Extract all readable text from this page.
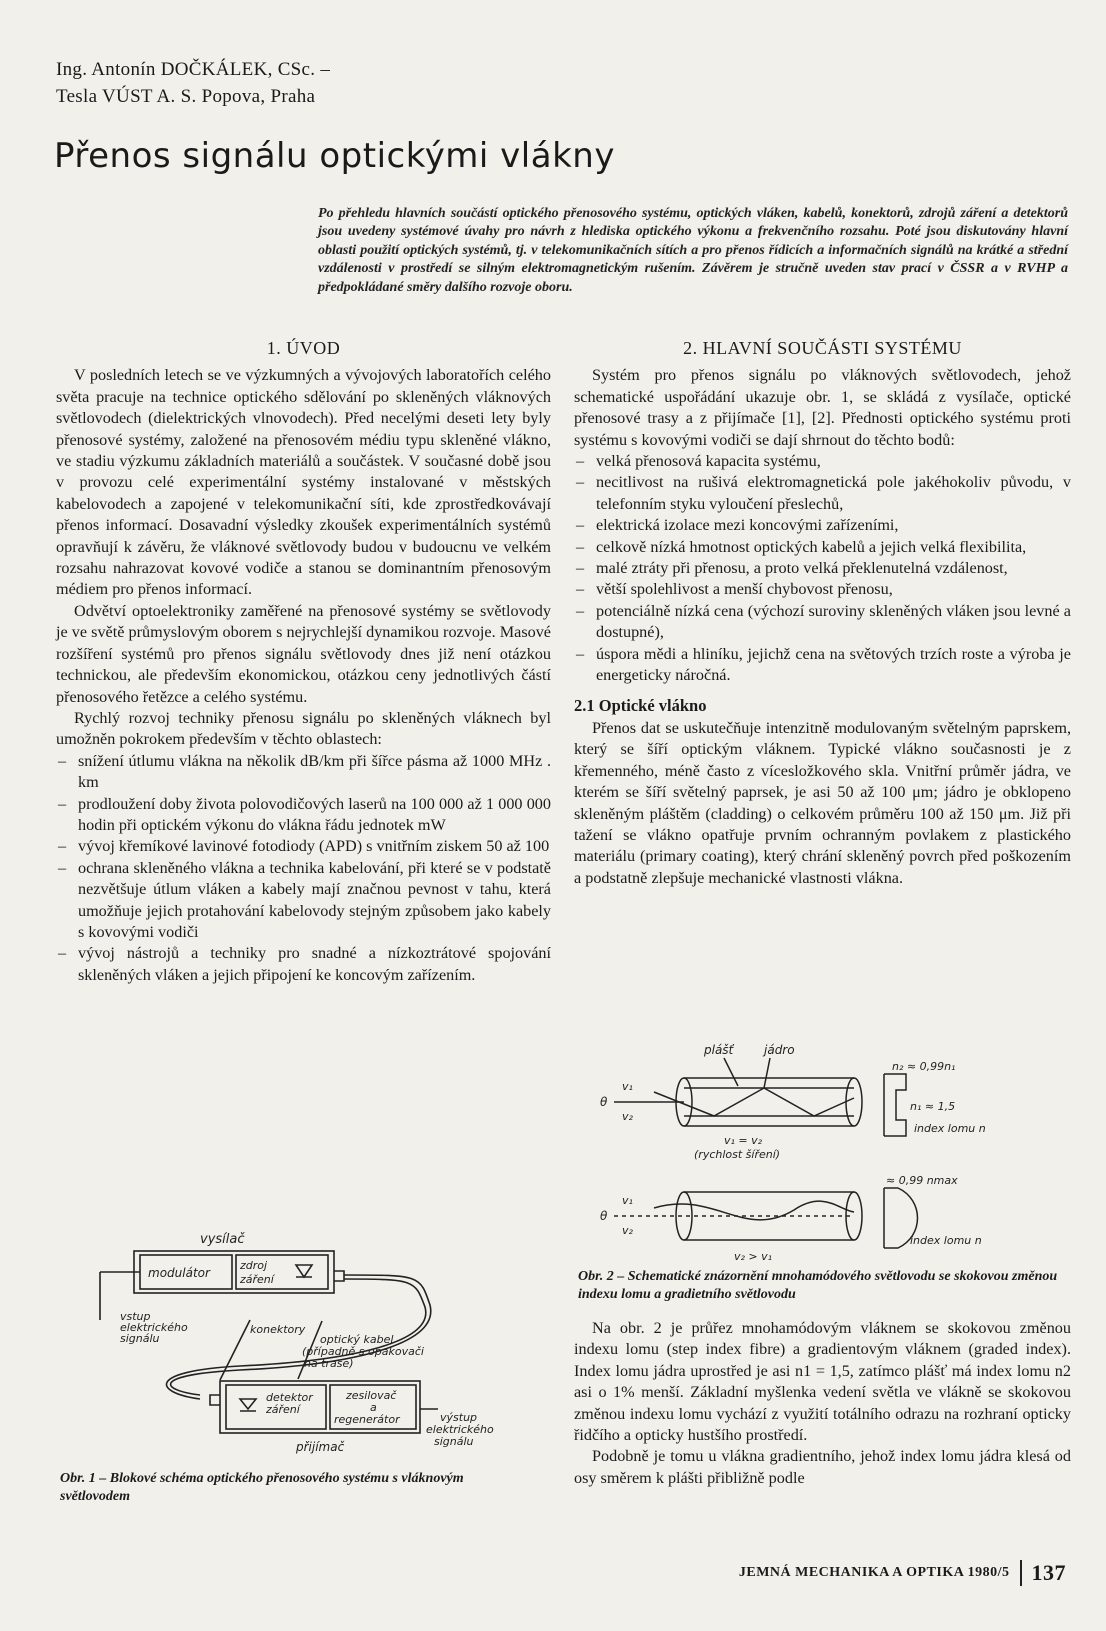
Ing. Antonín DOČKÁLEK, CSc. –
Tesla VÚST A. S. Popova, Praha
Přenos signálu optickými vlákny
Po přehledu hlavních součástí optického přenosového systému, optických vláken, kabelů, konektorů, zdrojů záření a detektorů jsou uvedeny systémové úvahy pro návrh z hlediska optického výkonu a frekvenčního rozsahu. Poté jsou diskutovány hlavní oblasti použití optických systémů, tj. v telekomunikačních sítích a pro přenos řídicích a informačních signálů na krátké a střední vzdálenosti v prostředí se silným elektromagnetickým rušením. Závěrem je stručně uveden stav prací v ČSSR a v RVHP a předpokládané směry dalšího rozvoje oboru.
1. ÚVOD

V posledních letech se ve výzkumných a vývojových laboratořích celého světa pracuje na technice optického sdělování po skleněných vláknových světlovodech (dielektrických vlnovodech). Před necelými deseti lety byly přenosové systémy, založené na přenosovém médiu typu skleněné vlákno, ve stadiu výzkumu základních materiálů a součástek. V současné době jsou v provozu celé experimentální systémy instalované v městských kabelovodech a zapojené v telekomunikační síti, kde zprostředkovávají přenos informací. Dosavadní výsledky zkoušek experimentálních systémů opravňují k závěru, že vláknové světlovody budou v budoucnu ve velkém rozsahu nahrazovat kovové vodiče a stanou se dominantním přenosovým médiem pro přenos informací.

Odvětví optoelektroniky zaměřené na přenosové systémy se světlovody je ve světě průmyslovým oborem s nejrychlejší dynamikou rozvoje. Masové rozšíření systémů pro přenos signálu světlovody dnes již není otázkou technickou, ale především ekonomickou, otázkou ceny jednotlivých částí přenosového řetězce a celého systému.

Rychlý rozvoj techniky přenosu signálu po skleněných vláknech byl umožněn pokrokem především v těchto oblastech:

– snížení útlumu vlákna na několik dB/km při šířce pásma až 1000 MHz . km
– prodloužení doby života polovodičových laserů na 100 000 až 1 000 000 hodin při optickém výkonu do vlákna řádu jednotek mW
– vývoj křemíkové lavinové fotodiody (APD) s vnitřním ziskem 50 až 100
– ochrana skleněného vlákna a technika kabelování, při které se v podstatě nezvětšuje útlum vláken a kabely mají značnou pevnost v tahu, která umožňuje jejich protahování kabelovody stejným způsobem jako kabely s kovovými vodiči
– vývoj nástrojů a techniky pro snadné a nízkoztrátové spojování skleněných vláken a jejich připojení ke koncovým zařízením.
vysílač
modulátor
zdroj
záření
vstup
elektrického
signálu
konektory
optický kabel
(případně s opakovači
na trase)
detektor
záření
zesilovač
a
regenerátor	výstup
elektrického
signálu
přijímač
Obr. 1 – Blokové schéma optického přenosového systému s vláknovým světlovodem
2. HLAVNÍ SOUČÁSTI SYSTÉMU

Systém pro přenos signálu po vláknových světlovodech, jehož schematické uspořádání ukazuje obr. 1, se skládá z vysílače, optické přenosové trasy a z přijímače [1], [2]. Přednosti optického systému proti systému s kovovými vodiči se dají shrnout do těchto bodů:

– velká přenosová kapacita systému,
– necitlivost na rušivá elektromagnetická pole jakéhokoliv původu, v telefonním styku vyloučení přeslechů,
– elektrická izolace mezi koncovými zařízeními,
– celkově nízká hmotnost optických kabelů a jejich velká flexibilita,
– malé ztráty při přenosu, a proto velká překlenutelná vzdálenost,
– větší spolehlivost a menší chybovost přenosu,
– potenciálně nízká cena (výchozí suroviny skleněných vláken jsou levné a dostupné),
– úspora mědi a hliníku, jejichž cena na světových trzích roste a výroba je energeticky náročná.
2.1 Optické vlákno

Přenos dat se uskutečňuje intenzitně modulovaným světelným paprskem, který se šíří optickým vláknem. Typické vlákno současnosti je z křemenného, méně často z vícesložkového skla. Vnitřní průměr jádra, ve kterém se šíří světelný paprsek, je asi 50 až 100 μm; jádro je obklopeno skleněným pláštěm (cladding) o celkovém průměru 100 až 150 μm. Již při tažení se vlákno opatřuje prvním ochranným povlakem z plastického materiálu (primary coating), který chrání skleněný povrch před poškozením a podstatně zlepšuje mechanické vlastnosti vlákna.

plášť	jádro
n₂ ≈ 0,99n₁
n₁ ≈ 1,5
index lomu n
v₁
θ
v₂
v₁ = v₂
(rychlost šíření)
≈ 0,99 nmax
v₁
θ
v₂
index lomu n
v₂ > v₁
Obr. 2 – Schematické znázornění mnohamódového světlovodu se skokovou změnou indexu lomu a gradietního světlovodu

Na obr. 2 je průřez mnohamódovým vláknem se skokovou změnou indexu lomu (step index fibre) a gradientovým vláknem (graded index). Index lomu jádra uprostřed je asi n1 = 1,5, zatímco plášť má index lomu n2 asi o 1% menší. Základní myšlenka vedení světla ve vlákně se skokovou změnou indexu lomu vychází z využití totálního odrazu na rozhraní opticky řidčího a opticky hustšího prostředí.

Podobně je tomu u vlákna gradientního, jehož index lomu jádra klesá od osy směrem k plášti přibližně podle

JEMNÁ MECHANIKA A OPTIKA 1980/5	137
